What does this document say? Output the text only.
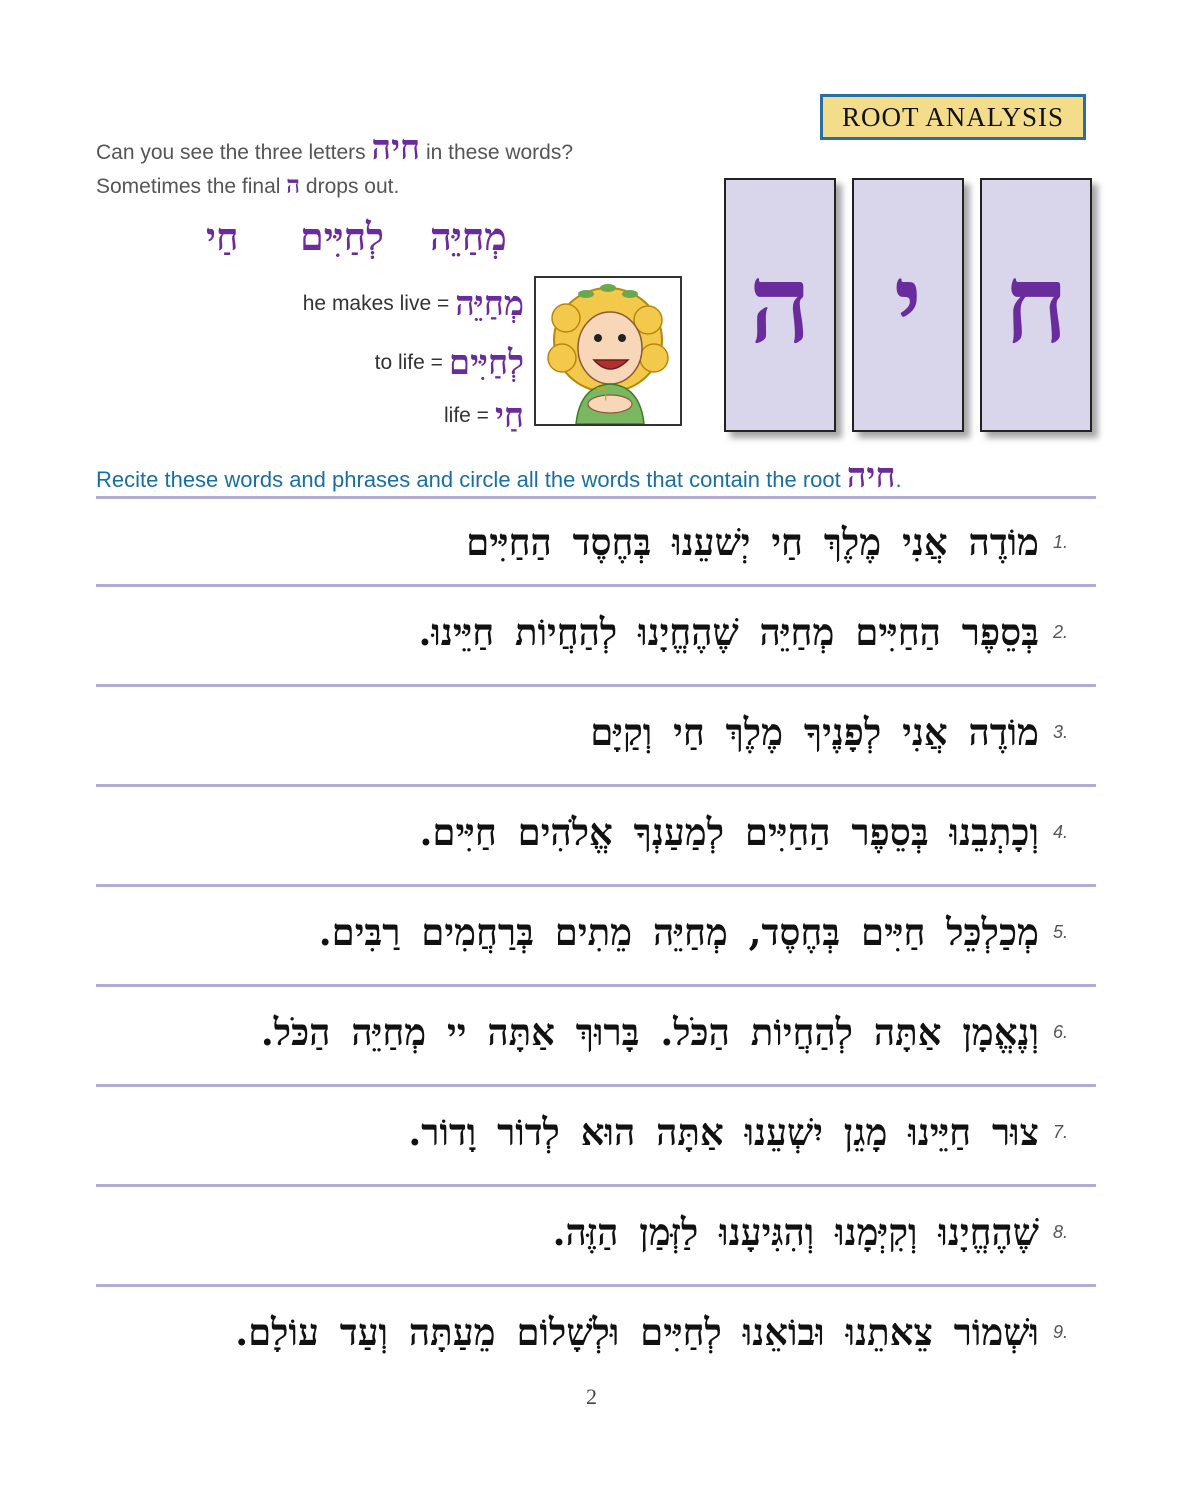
ROOT ANALYSIS
Can you see the three letters חיה in these words?
Sometimes the final ה drops out.
מְחַיֵּה
לְחַיִּים
חַי
he makes live = מְחַיֵּה
to life = לְחַיִּים
life = חַי
ℸ
ה י ח
Recite these words and phrases and circle all the words that contain the root חיה.
מוֹדֶה אֲנִי מֶלֶךְ חַי יְשׁעֵנוּ בְּחֶסֶד הַחַיִּים 1.
בְּסֵפֶר הַחַיִּים מְחַיֵּה שֶׁהֶחֱיָנוּ לְהַחֲיוֹת חַיֵּינוּ. 2.
מוֹדֶה אֲנִי לְפָנֶיךָ מֶלֶךְ חַי וְקַיָּם 3.
וְכָתְבֵנוּ בְּסֵפֶר הַחַיִּים לְמַעַנְךָ אֱלֹהִים חַיִּים. 4.
מְכַלְכֵּל חַיִּים בְּחֶסֶד, מְחַיֵּה מֵתִים בְּרַחֲמִים רַבִּים. 5.
וְנֶאֱמָן אַתָּה לְהַחֲיוֹת הַכֹּל. בָּרוּךְ אַתָּה יי מְחַיֵּה הַכֹּל. 6.
צוּר חַיֵּינוּ מָגֵן יִשְׁעֵנוּ אַתָּה הוּא לְדוֹר וָדוֹר. 7.
שֶׁהֶחֱיָנוּ וְקִיְּמָנוּ וְהִגִּיעָנוּ לַזְּמַן הַזֶּה. 8.
וּשְׁמוֹר צֵאתֵנוּ וּבוֹאֵנוּ לְחַיִּים וּלְשָׁלוֹם מֵעַתָּה וְעַד עוֹלָם. 9.
2
